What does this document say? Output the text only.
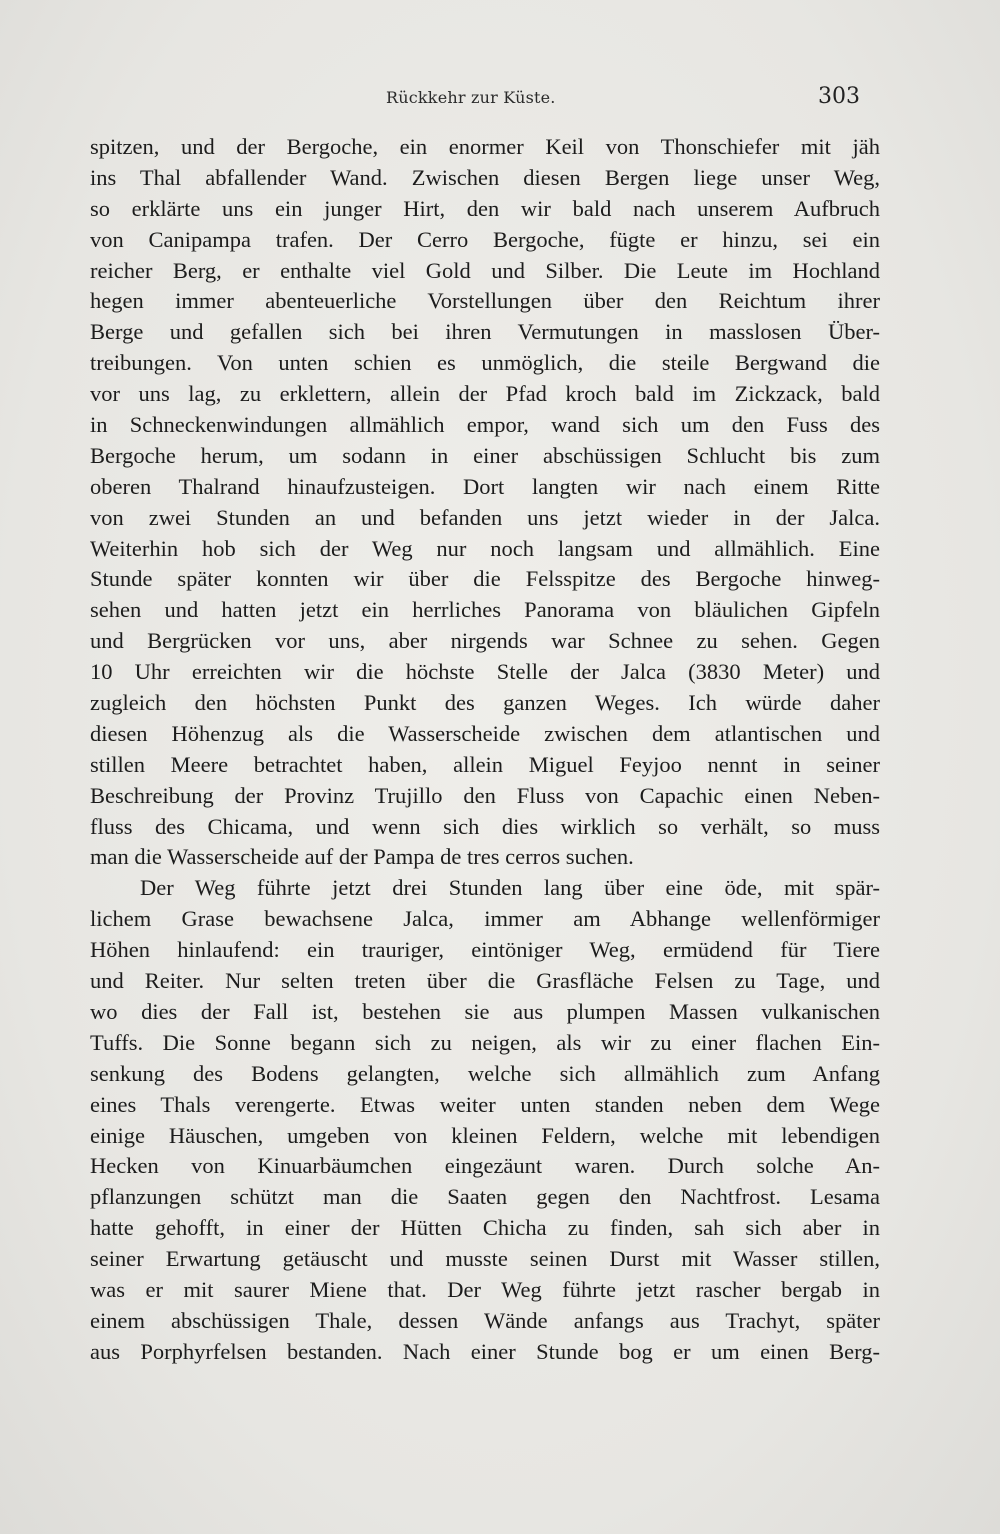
Rückkehr zur Küste.	303
spitzen, und der Bergoche, ein enormer Keil von Thonschiefer mit jäh
ins Thal abfallender Wand. Zwischen diesen Bergen liege unser Weg,
so erklärte uns ein junger Hirt, den wir bald nach unserem Aufbruch
von Canipampa trafen. Der Cerro Bergoche, fügte er hinzu, sei ein
reicher Berg, er enthalte viel Gold und Silber. Die Leute im Hochland
hegen immer abenteuerliche Vorstellungen über den Reichtum ihrer
Berge und gefallen sich bei ihren Vermutungen in masslosen Über-
treibungen. Von unten schien es unmöglich, die steile Bergwand die
vor uns lag, zu erklettern, allein der Pfad kroch bald im Zickzack, bald
in Schneckenwindungen allmählich empor, wand sich um den Fuss des
Bergoche herum, um sodann in einer abschüssigen Schlucht bis zum
oberen Thalrand hinaufzusteigen. Dort langten wir nach einem Ritte
von zwei Stunden an und befanden uns jetzt wieder in der Jalca.
Weiterhin hob sich der Weg nur noch langsam und allmählich. Eine
Stunde später konnten wir über die Felsspitze des Bergoche hinweg-
sehen und hatten jetzt ein herrliches Panorama von bläulichen Gipfeln
und Bergrücken vor uns, aber nirgends war Schnee zu sehen. Gegen
10 Uhr erreichten wir die höchste Stelle der Jalca (3830 Meter) und
zugleich den höchsten Punkt des ganzen Weges. Ich würde daher
diesen Höhenzug als die Wasserscheide zwischen dem atlantischen und
stillen Meere betrachtet haben, allein Miguel Feyjoo nennt in seiner
Beschreibung der Provinz Trujillo den Fluss von Capachic einen Neben-
fluss des Chicama, und wenn sich dies wirklich so verhält, so muss
man die Wasserscheide auf der Pampa de tres cerros suchen.
Der Weg führte jetzt drei Stunden lang über eine öde, mit spär-
lichem Grase bewachsene Jalca, immer am Abhange wellenförmiger
Höhen hinlaufend: ein trauriger, eintöniger Weg, ermüdend für Tiere
und Reiter. Nur selten treten über die Grasfläche Felsen zu Tage, und
wo dies der Fall ist, bestehen sie aus plumpen Massen vulkanischen
Tuffs. Die Sonne begann sich zu neigen, als wir zu einer flachen Ein-
senkung des Bodens gelangten, welche sich allmählich zum Anfang
eines Thals verengerte. Etwas weiter unten standen neben dem Wege
einige Häuschen, umgeben von kleinen Feldern, welche mit lebendigen
Hecken von Kinuarbäumchen eingezäunt waren. Durch solche An-
pflanzungen schützt man die Saaten gegen den Nachtfrost. Lesama
hatte gehofft, in einer der Hütten Chicha zu finden, sah sich aber in
seiner Erwartung getäuscht und musste seinen Durst mit Wasser stillen,
was er mit saurer Miene that. Der Weg führte jetzt rascher bergab in
einem abschüssigen Thale, dessen Wände anfangs aus Trachyt, später
aus Porphyrfelsen bestanden. Nach einer Stunde bog er um einen Berg-
